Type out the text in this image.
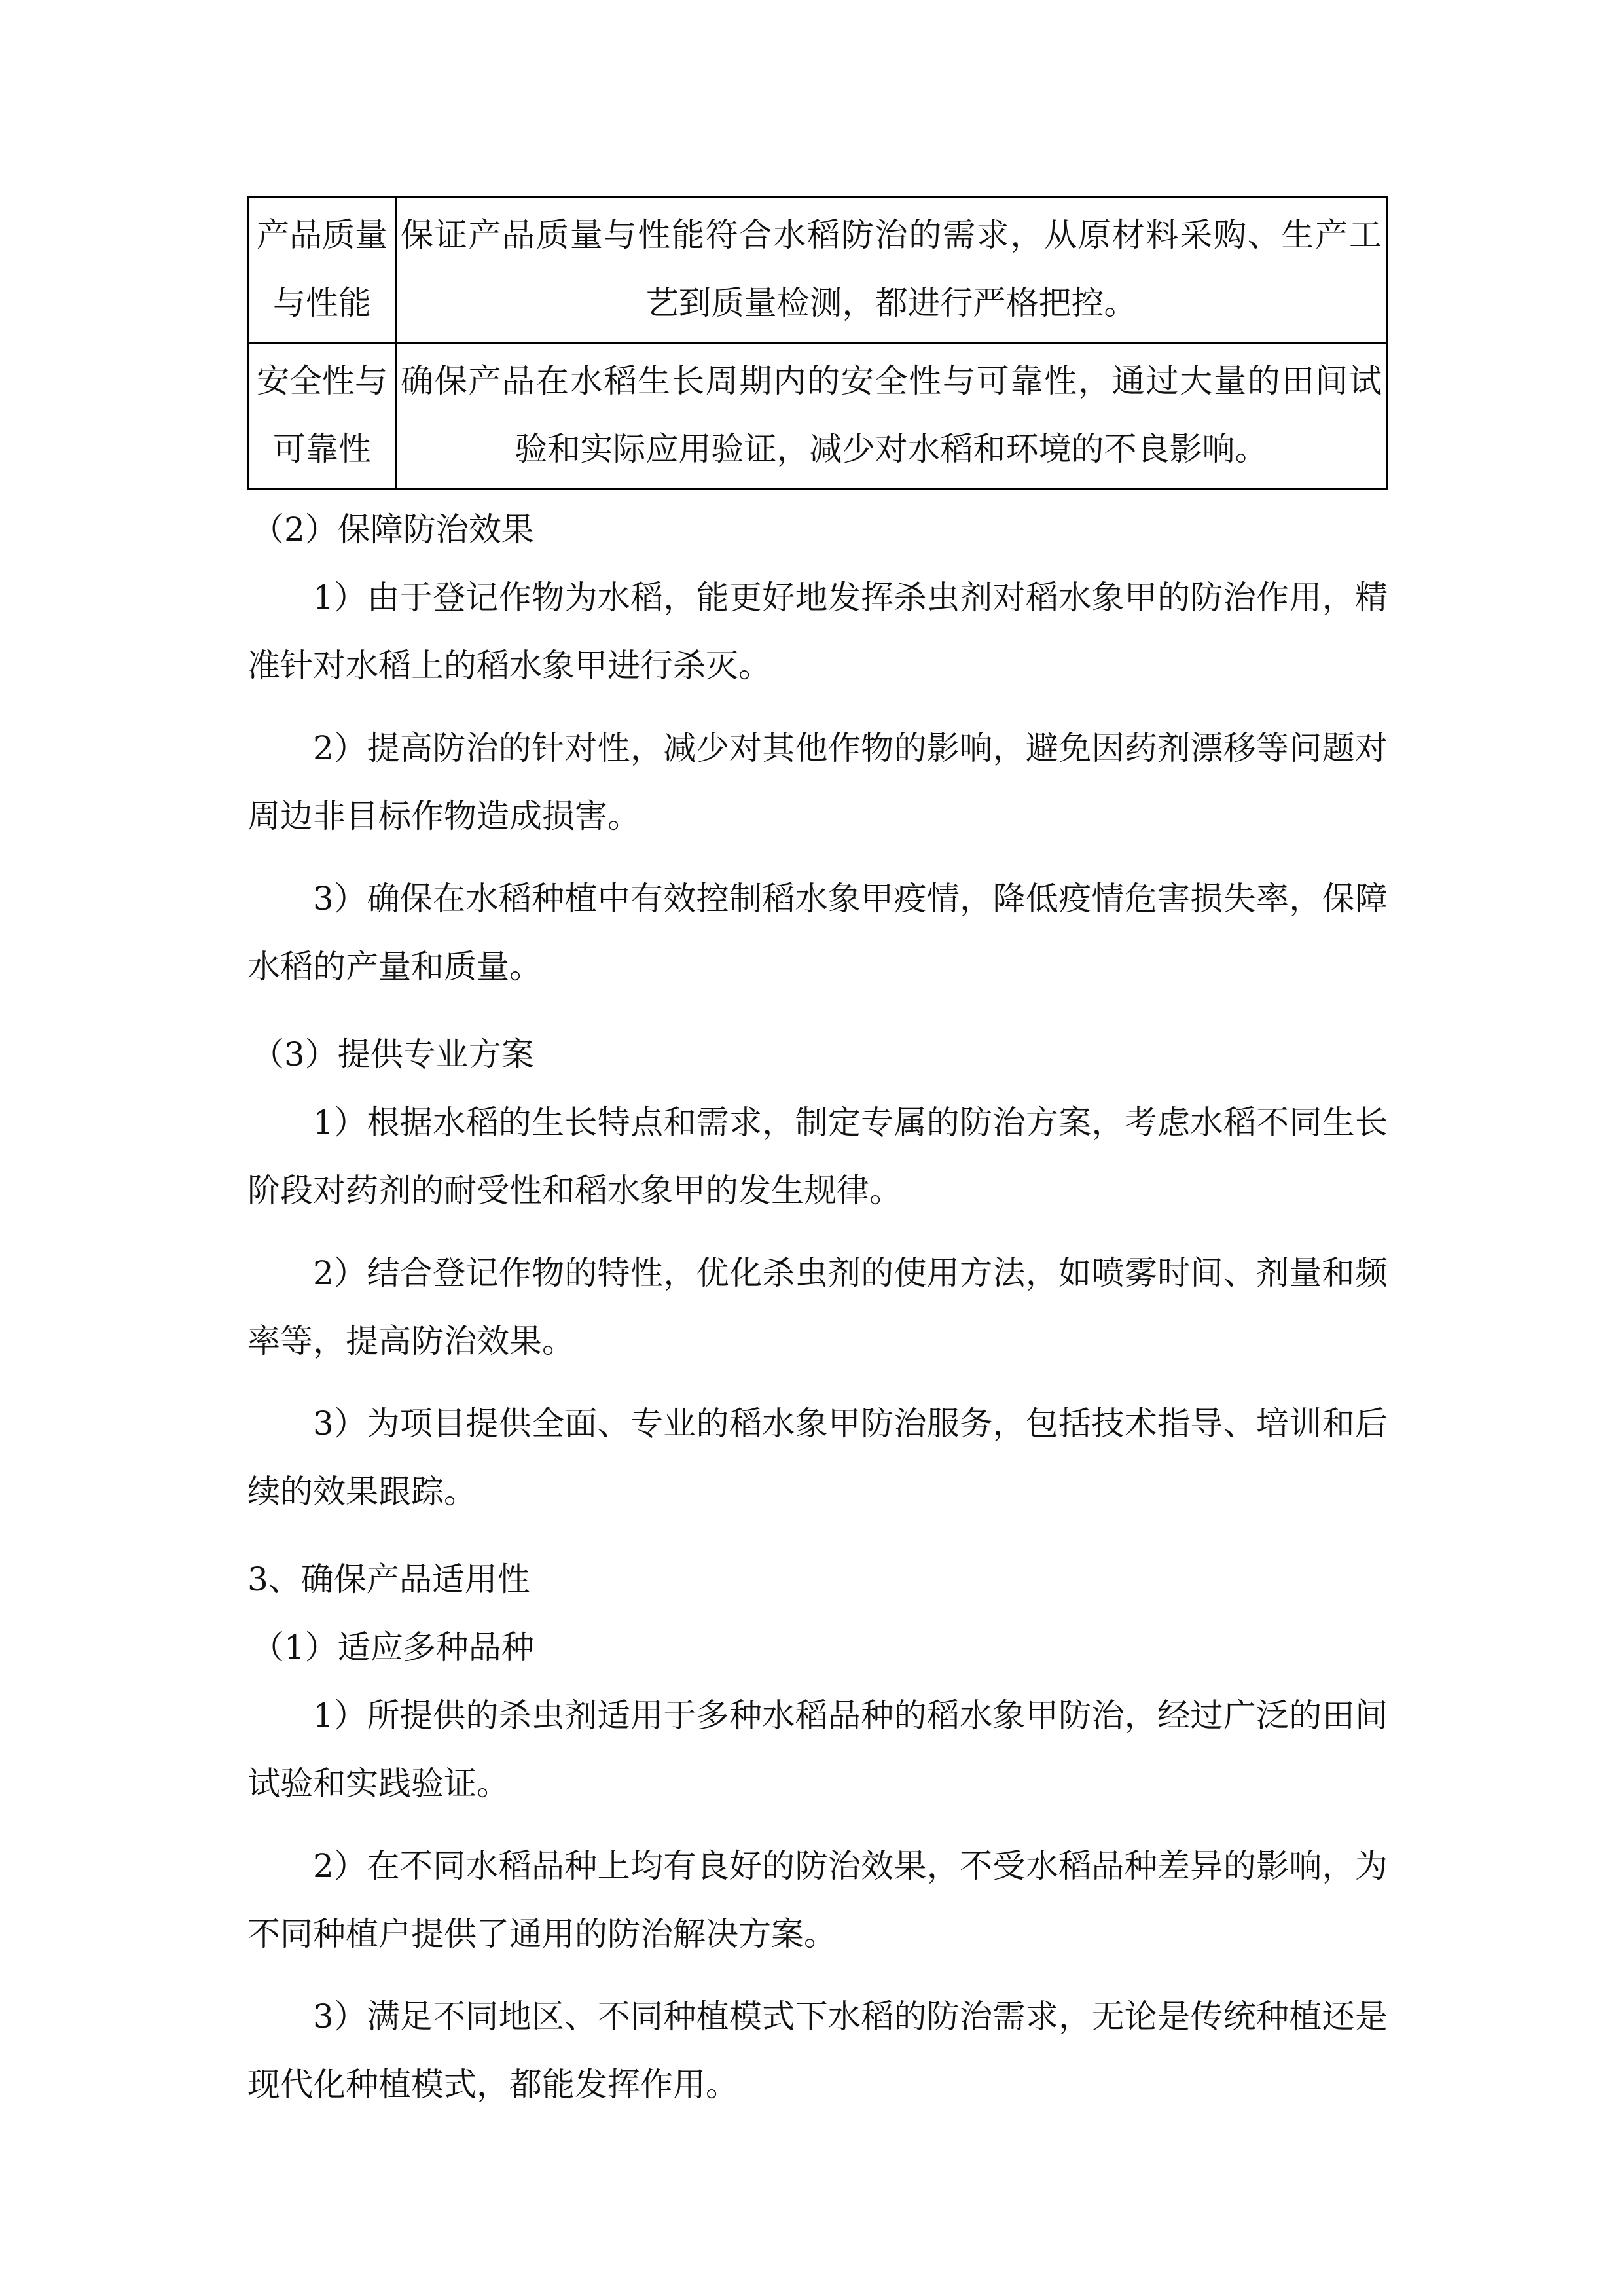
产品质量
与性能	保证产品质量与性能符合水稻防治的需求，从原材料采购、生产工艺到质量检测，都进行严格把控。
安全性与
可靠性	确保产品在水稻生长周期内的安全性与可靠性，通过大量的田间试验和实际应用验证，减少对水稻和环境的不良影响。

（2）保障防治效果

1）由于登记作物为水稻，能更好地发挥杀虫剂对稻水象甲的防治作用，精准针对水稻上的稻水象甲进行杀灭。

2）提高防治的针对性，减少对其他作物的影响，避免因药剂漂移等问题对周边非目标作物造成损害。

3）确保在水稻种植中有效控制稻水象甲疫情，降低疫情危害损失率，保障水稻的产量和质量。

（3）提供专业方案

1）根据水稻的生长特点和需求，制定专属的防治方案，考虑水稻不同生长阶段对药剂的耐受性和稻水象甲的发生规律。

2）结合登记作物的特性，优化杀虫剂的使用方法，如喷雾时间、剂量和频率等，提高防治效果。

3）为项目提供全面、专业的稻水象甲防治服务，包括技术指导、培训和后续的效果跟踪。

3、确保产品适用性

（1）适应多种品种

1）所提供的杀虫剂适用于多种水稻品种的稻水象甲防治，经过广泛的田间试验和实践验证。

2）在不同水稻品种上均有良好的防治效果，不受水稻品种差异的影响，为不同种植户提供了通用的防治解决方案。

3）满足不同地区、不同种植模式下水稻的防治需求，无论是传统种植还是现代化种植模式，都能发挥作用。
